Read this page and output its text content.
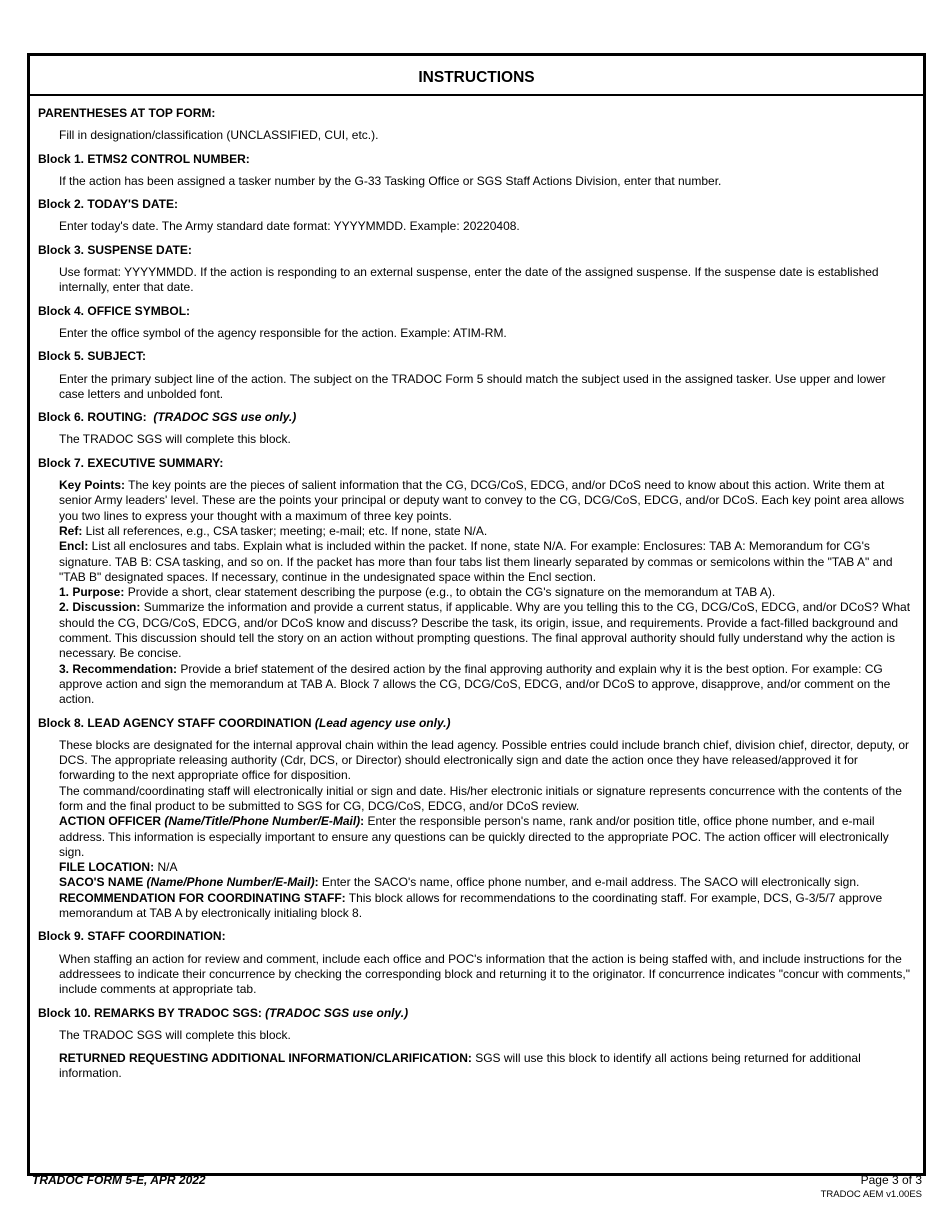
INSTRUCTIONS
PARENTHESES AT TOP FORM:
Fill in designation/classification (UNCLASSIFIED, CUI, etc.).
Block 1. ETMS2 CONTROL NUMBER:
If the action has been assigned a tasker number by the G-33 Tasking Office or SGS Staff Actions Division, enter that number.
Block 2. TODAY'S DATE:
Enter today's date. The Army standard date format: YYYYMMDD. Example: 20220408.
Block 3. SUSPENSE DATE:
Use format: YYYYMMDD. If the action is responding to an external suspense, enter the date of the assigned suspense. If the suspense date is established internally, enter that date.
Block 4. OFFICE SYMBOL:
Enter the office symbol of the agency responsible for the action. Example: ATIM-RM.
Block 5. SUBJECT:
Enter the primary subject line of the action. The subject on the TRADOC Form 5 should match the subject used in the assigned tasker. Use upper and lower case letters and unbolded font.
Block 6. ROUTING: (TRADOC SGS use only.)
The TRADOC SGS will complete this block.
Block 7. EXECUTIVE SUMMARY:
Key Points: The key points are the pieces of salient information that the CG, DCG/CoS, EDCG, and/or DCoS need to know about this action. Write them at senior Army leaders' level. These are the points your principal or deputy want to convey to the CG, DCG/CoS, EDCG, and/or DCoS. Each key point area allows you two lines to express your thought with a maximum of three key points.
Ref: List all references, e.g., CSA tasker; meeting; e-mail; etc. If none, state N/A.
Encl: List all enclosures and tabs. Explain what is included within the packet. If none, state N/A. For example: Enclosures: TAB A: Memorandum for CG's signature. TAB B: CSA tasking, and so on. If the packet has more than four tabs list them linearly separated by commas or semicolons within the "TAB A" and "TAB B" designated spaces. If necessary, continue in the undesignated space within the Encl section.
1. Purpose: Provide a short, clear statement describing the purpose (e.g., to obtain the CG's signature on the memorandum at TAB A).
2. Discussion: Summarize the information and provide a current status, if applicable. Why are you telling this to the CG, DCG/CoS, EDCG, and/or DCoS? What should the CG, DCG/CoS, EDCG, and/or DCoS know and discuss? Describe the task, its origin, issue, and requirements. Provide a fact-filled background and comment. This discussion should tell the story on an action without prompting questions. The final approval authority should fully understand why the action is necessary. Be concise.
3. Recommendation: Provide a brief statement of the desired action by the final approving authority and explain why it is the best option. For example: CG approve action and sign the memorandum at TAB A. Block 7 allows the CG, DCG/CoS, EDCG, and/or DCoS to approve, disapprove, and/or comment on the action.
Block 8. LEAD AGENCY STAFF COORDINATION (Lead agency use only.)
These blocks are designated for the internal approval chain within the lead agency. Possible entries could include branch chief, division chief, director, deputy, or DCS. The appropriate releasing authority (Cdr, DCS, or Director) should electronically sign and date the action once they have released/approved it for forwarding to the next appropriate office for disposition.
The command/coordinating staff will electronically initial or sign and date. His/her electronic initials or signature represents concurrence with the contents of the form and the final product to be submitted to SGS for CG, DCG/CoS, EDCG, and/or DCoS review.
ACTION OFFICER (Name/Title/Phone Number/E-Mail): Enter the responsible person's name, rank and/or position title, office phone number, and e-mail address. This information is especially important to ensure any questions can be quickly directed to the appropriate POC. The action officer will electronically sign.
FILE LOCATION: N/A
SACO'S NAME (Name/Phone Number/E-Mail): Enter the SACO's name, office phone number, and e-mail address. The SACO will electronically sign.
RECOMMENDATION FOR COORDINATING STAFF: This block allows for recommendations to the coordinating staff. For example, DCS, G-3/5/7 approve memorandum at TAB A by electronically initialing block 8.
Block 9. STAFF COORDINATION:
When staffing an action for review and comment, include each office and POC's information that the action is being staffed with, and include instructions for the addressees to indicate their concurrence by checking the corresponding block and returning it to the originator. If concurrence indicates "concur with comments," include comments at appropriate tab.
Block 10. REMARKS BY TRADOC SGS: (TRADOC SGS use only.)
The TRADOC SGS will complete this block.
RETURNED REQUESTING ADDITIONAL INFORMATION/CLARIFICATION: SGS will use this block to identify all actions being returned for additional information.
TRADOC FORM 5-E, APR 2022	Page 3 of 3
TRADOC AEM v1.00ES
